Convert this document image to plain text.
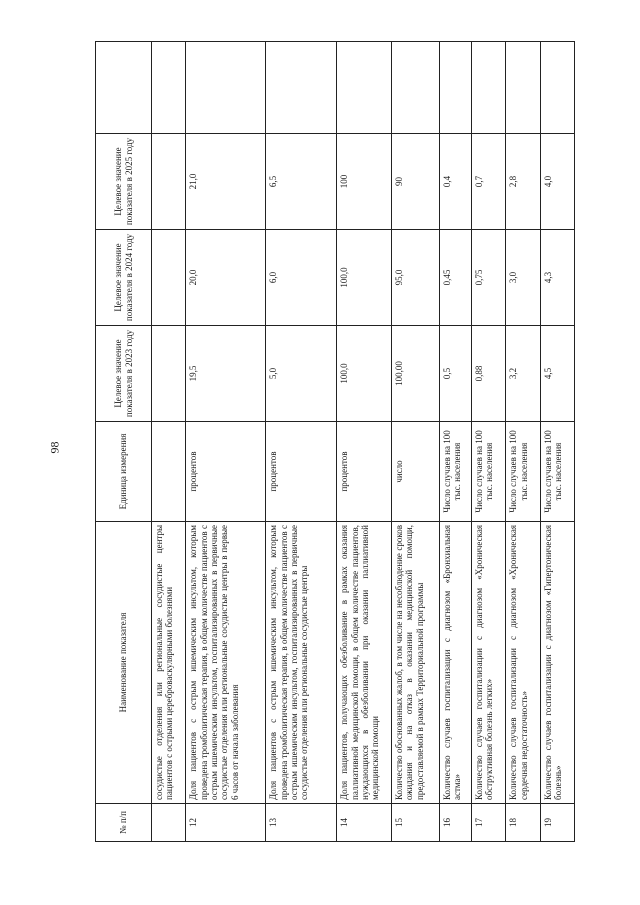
98
№ п/п	Наименование показателя	Единица измерения	Целевое значение показателя в 2023 году	Целевое значение показателя в 2024 году	Целевое значение показателя в 2025 году	
	сосудистые отделения или региональные сосудистые центры пациентов с острыми цереброваскулярными болезнями					
12	Доля пациентов с острым ишемическим инсультом, которым проведена тромболитическая терапия, в общем количестве пациентов с острым ишемическим инсультом, госпитализированных в первичные сосудистые отделения или региональные сосудистые центры в первые 6 часов от начала заболевания	процентов	19,5	20,0	21,0	
13	Доля пациентов с острым ишемическим инсультом, которым проведена тромболитическая терапия, в общем количестве пациентов с острым ишемическим инсультом, госпитализированных в первичные сосудистые отделения или региональные сосудистые центры	процентов	5,0	6,0	6,5	
14	Доля пациентов, получающих обезболивание в рамках оказания паллиативной медицинской помощи, в общем количестве пациентов, нуждающихся в обезболивании при оказании паллиативной медицинской помощи	процентов	100,0	100,0	100	
15	Количество обоснованных жалоб, в том числе на несоблюдение сроков ожидания и на отказ в оказании медицинской помощи, предоставляемой в рамках Территориальной программы	число	100,00	95,0	90	
16	Количество случаев госпитализации с диагнозом «Бронхиальная астма»	Число случаев на 100 тыс. населения	0,5	0,45	0,4	
17	Количество случаев госпитализации с диагнозом «Хроническая обструктивная болезнь легких»	Число случаев на 100 тыс. населения	0,88	0,75	0,7	
18	Количество случаев госпитализации с диагнозом «Хроническая сердечная недостаточность»	Число случаев на 100 тыс. населения	3,2	3,0	2,8	
19	Количество случаев госпитализации с диагнозом «Гипертоническая болезнь»	Число случаев на 100 тыс. населения	4,5	4,3	4,0	
